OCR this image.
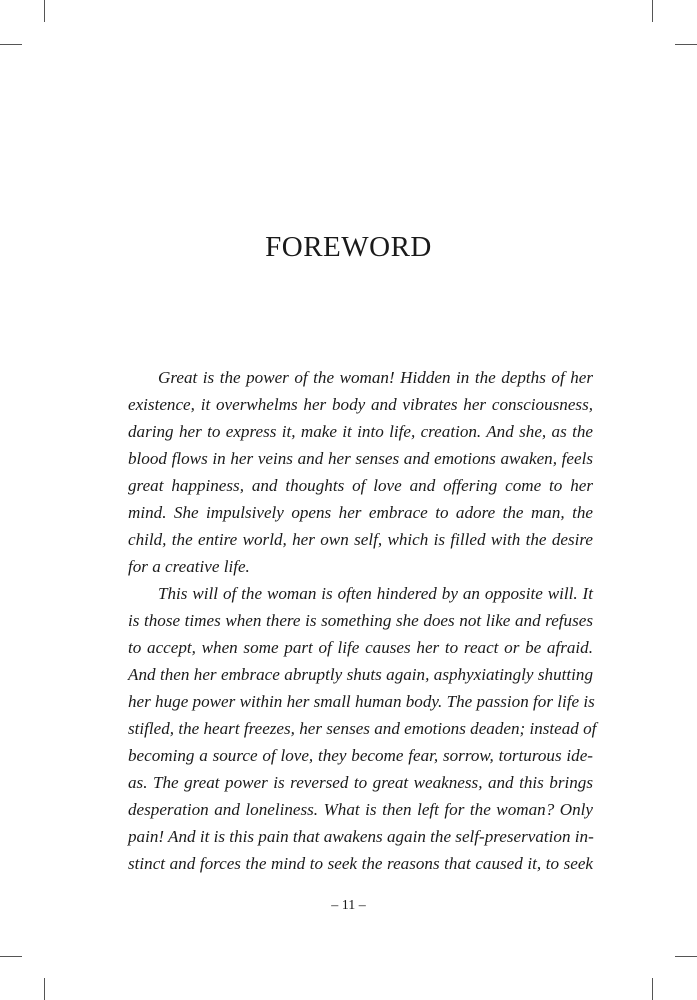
FOREWORD
Great is the power of the woman! Hidden in the depths of her
existence, it overwhelms her body and vibrates her consciousness,
daring her to express it, make it into life, creation. And she, as the
blood flows in her veins and her senses and emotions awaken, feels
great happiness, and thoughts of love and offering come to her
mind. She impulsively opens her embrace to adore the man, the
child, the entire world, her own self, which is filled with the desire
for a creative life.
This will of the woman is often hindered by an opposite will. It
is those times when there is something she does not like and refuses
to accept, when some part of life causes her to react or be afraid.
And then her embrace abruptly shuts again, asphyxiatingly shutting
her huge power within her small human body. The passion for life is
stifled, the heart freezes, her senses and emotions deaden; instead of
becoming a source of love, they become fear, sorrow, torturous ide-
as. The great power is reversed to great weakness, and this brings
desperation and loneliness. What is then left for the woman? Only
pain! And it is this pain that awakens again the self-preservation in-
stinct and forces the mind to seek the reasons that caused it, to seek
– 11 –
